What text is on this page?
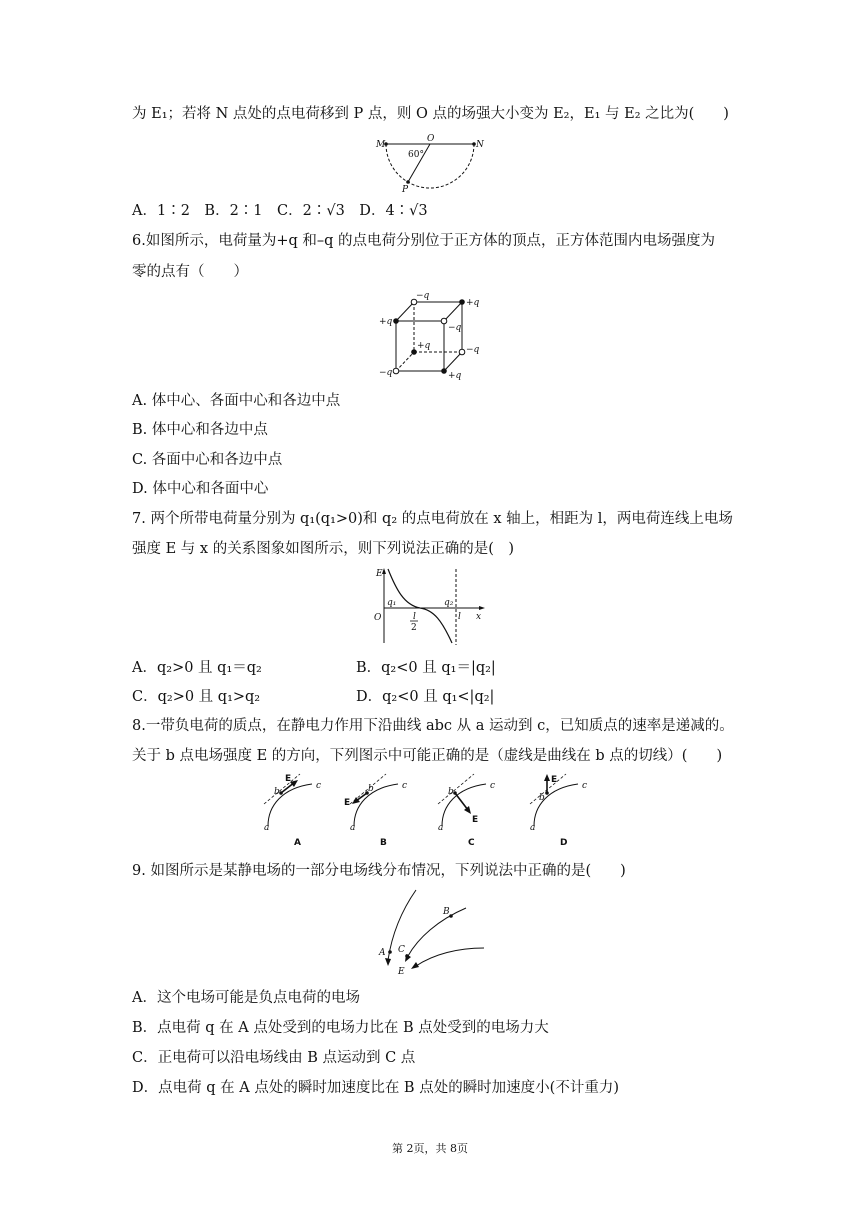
为 E₁；若将 N 点处的点电荷移到 P 点，则 O 点的场强大小变为 E₂，E₁ 与 E₂ 之比为(　　)
M
O
N
P
60°
A．1∶2　B．2∶1　C．2∶√3　D．4∶√3
6.如图所示，电荷量为+q 和–q 的点电荷分别位于正方体的顶点，正方体范围内电场强度为
零的点有（　　）
−q
+q
+q
−q
+q	−q
−q	+q
A. 体中心、各面中心和各边中点
B. 体中心和各边中点
C. 各面中心和各边中点
D. 体中心和各面中心
7. 两个所带电荷量分别为 q₁(q₁>0)和 q₂ 的点电荷放在 x 轴上，相距为 l，两电荷连线上电场
强度 E 与 x 的关系图象如图所示，则下列说法正确的是(　)
E
O
q₁	q₂
l
2
l x
A．q₂>0 且 q₁＝q₂	B．q₂<0 且 q₁＝|q₂|
C．q₂>0 且 q₁>q₂	D．q₂<0 且 q₁<|q₂|
8.一带负电荷的质点，在静电力作用下沿曲线 abc 从 a 运动到 c，已知质点的速率是递减的。
关于 b 点电场强度 E 的方向，下列图示中可能正确的是（虚线是曲线在 b 点的切线）(　　)
E
b
c
a
A
E
b	c
a
B
E
b
c
a
C
E
b
c
a
D
9. 如图所示是某静电场的一部分电场线分布情况，下列说法中正确的是(　　)
A
B
C
E
A．这个电场可能是负点电荷的电场
B．点电荷 q 在 A 点处受到的电场力比在 B 点处受到的电场力大
C．正电荷可以沿电场线由 B 点运动到 C 点
D．点电荷 q 在 A 点处的瞬时加速度比在 B 点处的瞬时加速度小(不计重力)
第 2页，共 8页
